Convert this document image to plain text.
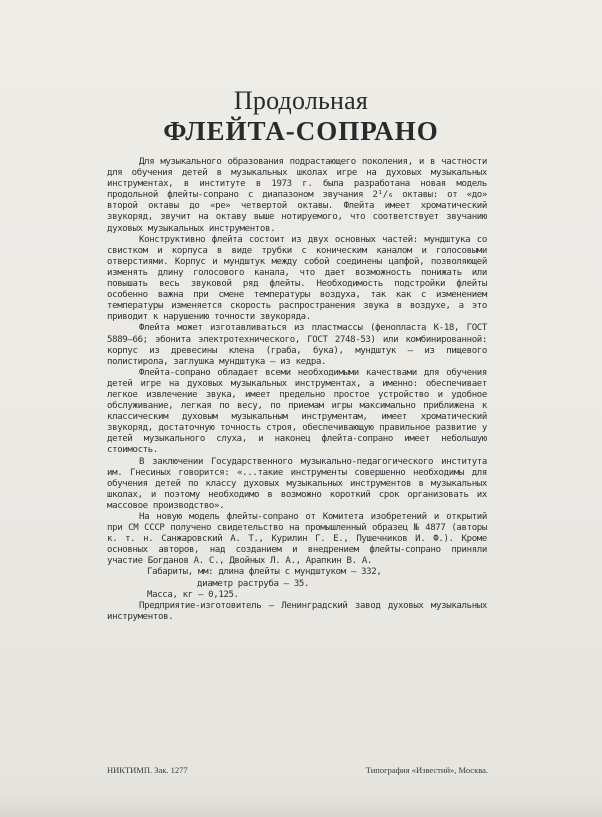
Продольная
ФЛЕЙТА-СОПРАНО

Для музыкального образования подрастающего поколения, и в частности для обучения детей в музыкальных школах игре на духовых музыкальных инструментах, в институте в 1973 г. была разработана новая модель продольной флейты-сопрано с диапазоном звучания 2¹/₆ октавы: от «до» второй октавы до «ре» четвертой октавы. Флейта имеет хроматический звукоряд, звучит на октаву выше нотируемого, что соответствует звучанию духовых музыкальных инструментов.

Конструктивно флейта состоит из двух основных частей: мундштука со свистком и корпуса в виде трубки с коническим каналом и голосовыми отверстиями. Корпус и мундштук между собой соединены цапфой, позволяющей изменять длину голосового канала, что дает возможность понижать или повышать весь звуковой ряд флейты. Необходимость подстройки флейты особенно важна при смене температуры воздуха, так как с изменением температуры изменяется скорость распространения звука в воздухе, а это приводит к нарушению точности звукоряда.

Флейта может изготавливаться из пластмассы (фенопласта К-18, ГОСТ 5889—66; эбонита электротехнического, ГОСТ 2748-53) или комбинированной: корпус из древесины клена (граба, бука), мундштук — из пищевого полистирола, заглушка мундштука — из кедра.

Флейта-сопрано обладает всеми необходимыми качествами для обучения детей игре на духовых музыкальных инструментах, а именно: обеспечивает легкое извлечение звука, имеет предельно простое устройство и удобное обслуживание, легкая по весу, по приемам игры максимально приближена к классическим духовым музыкальным инструментам, имеет хроматический звукоряд, достаточную точность строя, обеспечивающую правильное развитие у детей музыкального слуха, и наконец флейта-сопрано имеет небольшую стоимость.

В заключении Государственного музыкально-педагогического института им. Гнесиных говорится: «...такие инструменты совершенно необходимы для обучения детей по классу духовых музыкальных инструментов в музыкальных школах, и поэтому необходимо в возможно короткий срок организовать их массовое производство».

На новую модель флейты-сопрано от Комитета изобретений и открытий при СМ СССР получено свидетельство на промышленный образец № 4877 (авторы к. т. н. Санжаровский А. Т., Курилин Г. Е., Пушечников И. Ф.). Кроме основных авторов, над созданием и внедрением флейты-сопрано приняли участие Богданов А. С., Двойных Л. А., Арапкин В. А.

Габариты, мм: длина флейты с мундштуком — 332,

диаметр раструба — 35.

Масса, кг — 0,125.

Предприятие-изготовитель — Ленинградский завод духовых музыкальных инструментов.

НИКТИМП. Зак. 1277	Типография «Известий», Москва.
